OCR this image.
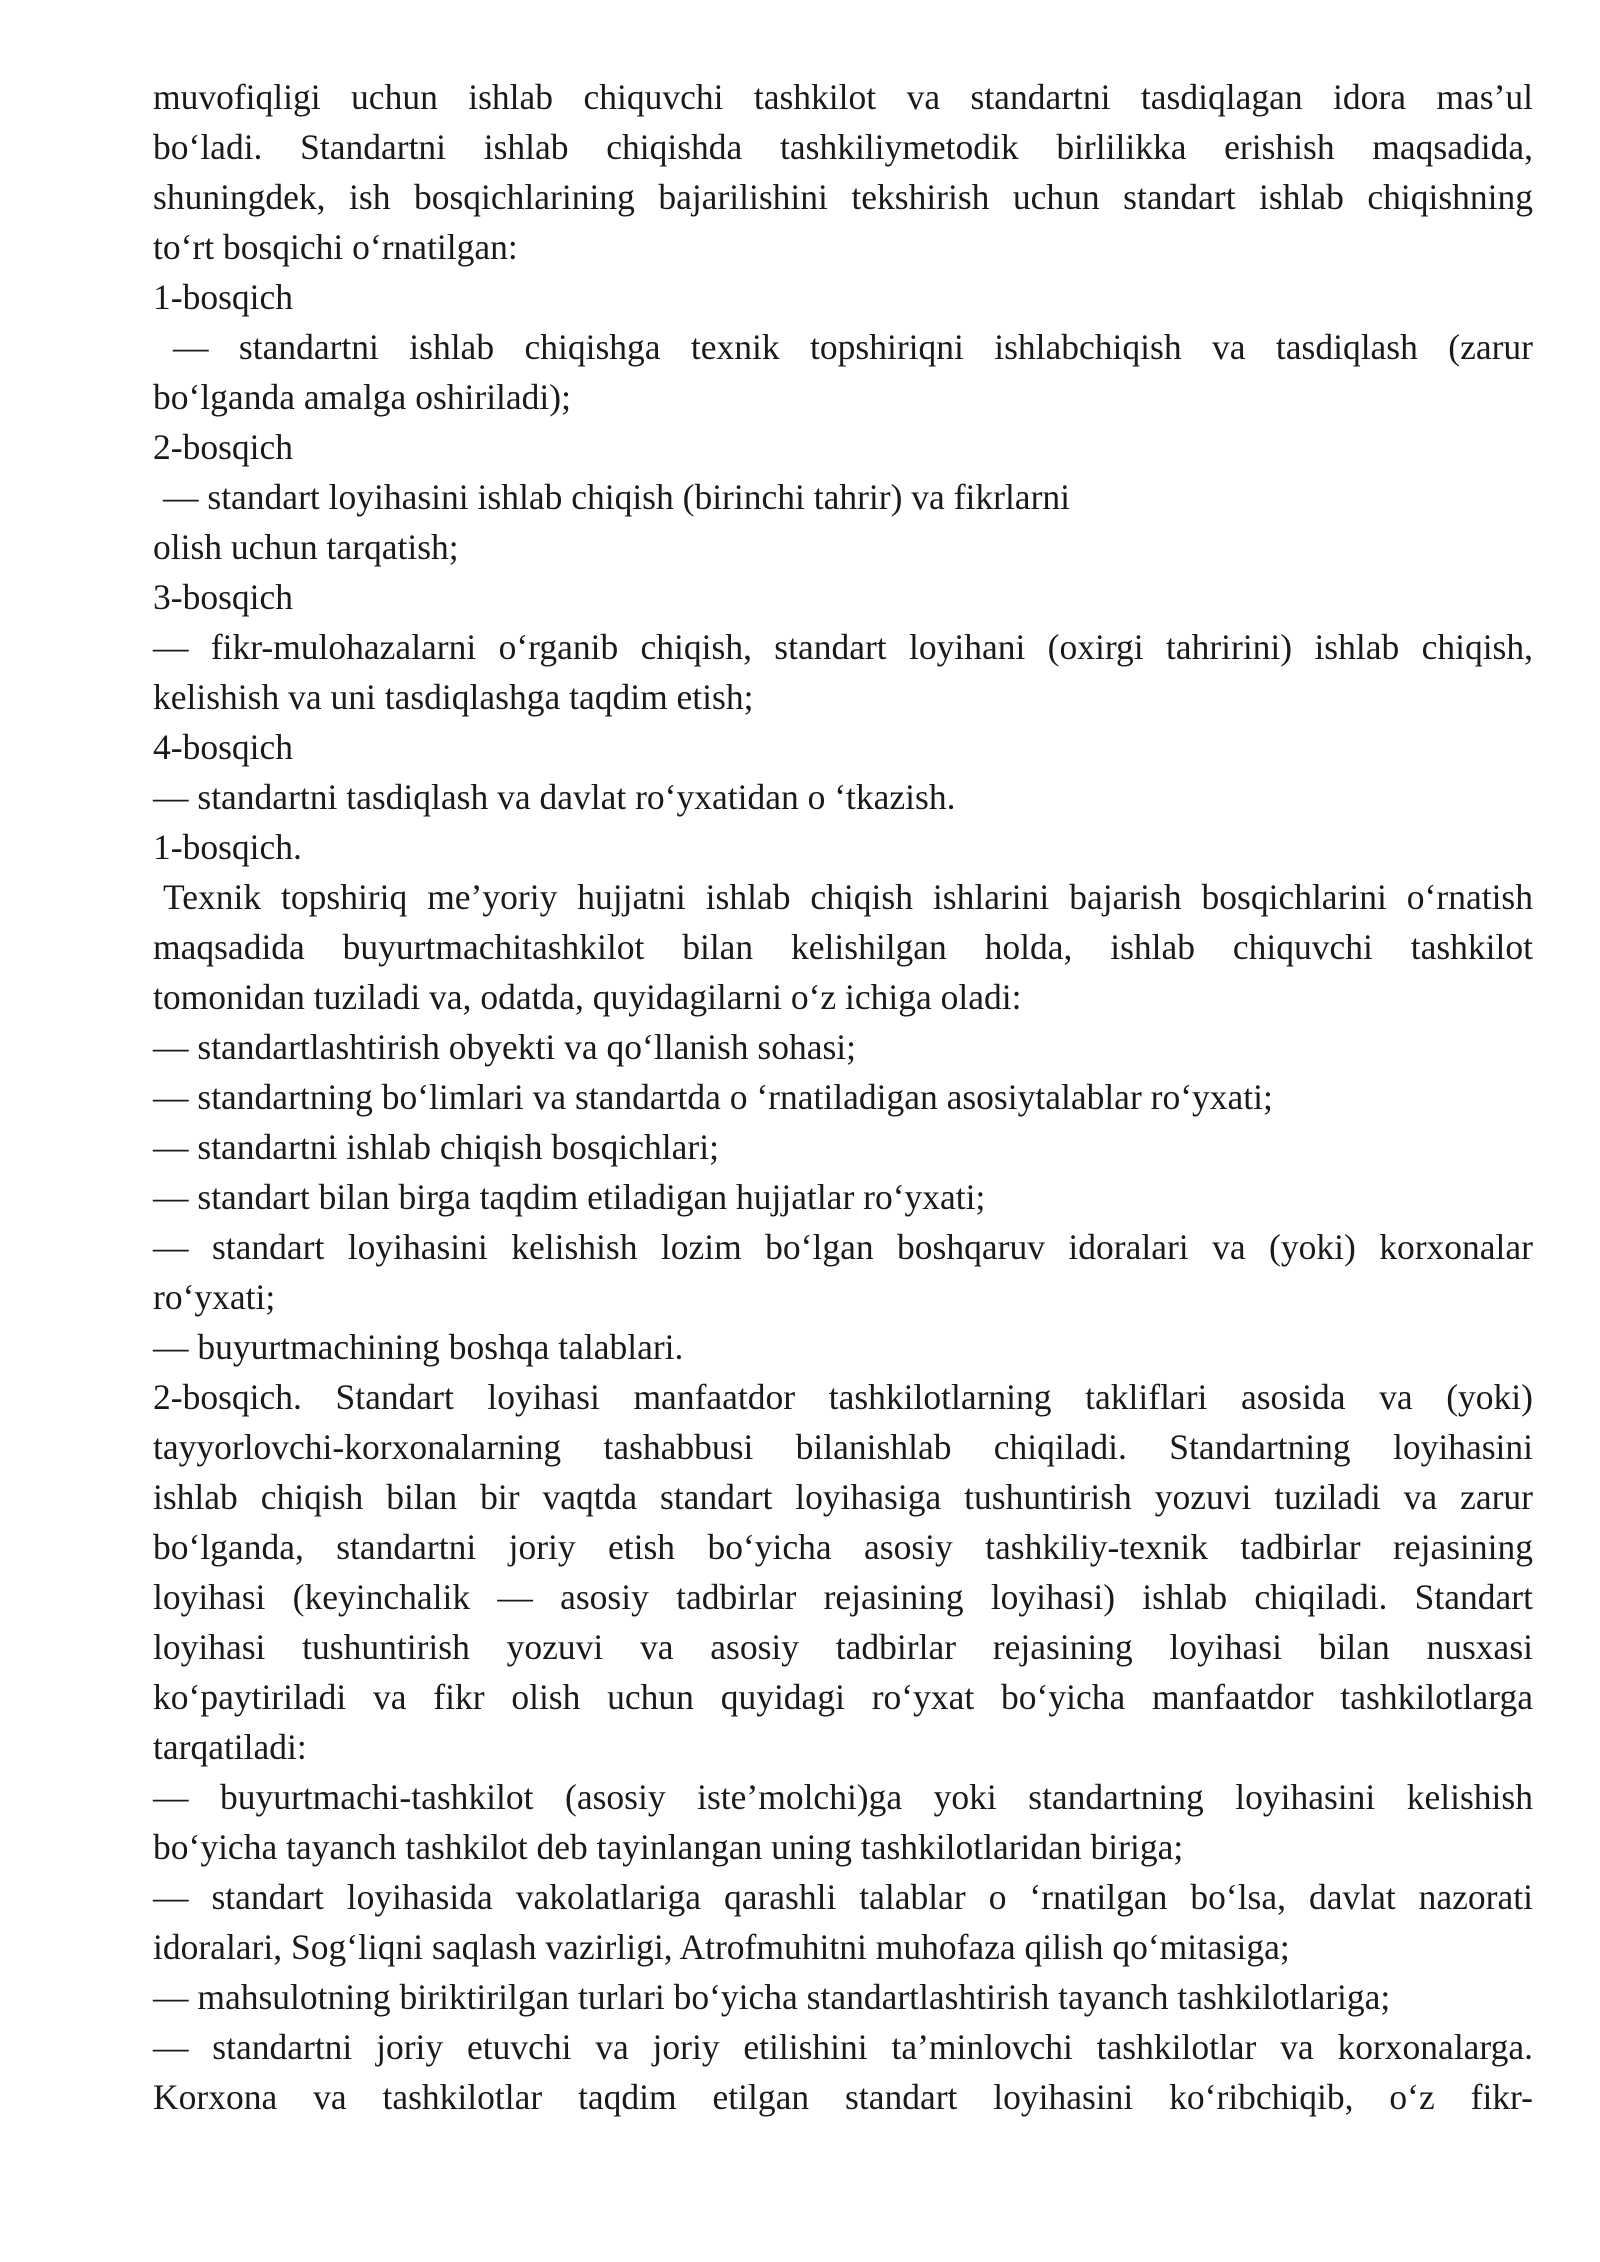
muvofiqligi uchun ishlab chiquvchi tashkilot va standartni tasdiqlagan idora mas’ul
boʻladi. Standartni ishlab chiqishda tashkiliymetodik birlilikka erishish maqsadida,
shuningdek, ish bosqichlarining bajarilishini tekshirish uchun standart ishlab chiqishning
toʻrt bosqichi oʻrnatilgan:
1-bosqich
— standartni ishlab chiqishga texnik topshiriqni ishlabchiqish va tasdiqlash (zarur
boʻlganda amalga oshiriladi);
2-bosqich
— standart loyihasini ishlab chiqish (birinchi tahrir) va fikrlarni
olish uchun tarqatish;
3-bosqich
— fikr-mulohazalarni oʻrganib chiqish, standart loyihani (oxirgi tahririni) ishlab chiqish,
kelishish va uni tasdiqlashga taqdim etish;
4-bosqich
— standartni tasdiqlash va davlat roʻyxatidan o ‘tkazish.
1-bosqich.
Texnik topshiriq me’yoriy hujjatni ishlab chiqish ishlarini bajarish bosqichlarini oʻrnatish
maqsadida buyurtmachitashkilot bilan kelishilgan holda, ishlab chiquvchi tashkilot
tomonidan tuziladi va, odatda, quyidagilarni oʻz ichiga oladi:
— standartlashtirish obyekti va qoʻllanish sohasi;
— standartning boʻlimlari va standartda o ‘rnatiladigan asosiytalablar roʻyxati;
— standartni ishlab chiqish bosqichlari;
— standart bilan birga taqdim etiladigan hujjatlar roʻyxati;
— standart loyihasini kelishish lozim boʻlgan boshqaruv idoralari va (yoki) korxonalar
roʻyxati;
— buyurtmachining boshqa talablari.
2-bosqich. Standart loyihasi manfaatdor tashkilotlarning takliflari asosida va (yoki)
tayyorlovchi-korxonalarning tashabbusi bilanishlab chiqiladi. Standartning loyihasini
ishlab chiqish bilan bir vaqtda standart loyihasiga tushuntirish yozuvi tuziladi va zarur
boʻlganda, standartni joriy etish boʻyicha asosiy tashkiliy-texnik tadbirlar rejasining
loyihasi (keyinchalik — asosiy tadbirlar rejasining loyihasi) ishlab chiqiladi. Standart
loyihasi tushuntirish yozuvi va asosiy tadbirlar rejasining loyihasi bilan nusxasi
koʻpaytiriladi va fikr olish uchun quyidagi roʻyxat boʻyicha manfaatdor tashkilotlarga
tarqatiladi:
— buyurtmachi-tashkilot (asosiy iste’molchi)ga yoki standartning loyihasini kelishish
boʻyicha tayanch tashkilot deb tayinlangan uning tashkilotlaridan biriga;
— standart loyihasida vakolatlariga qarashli talablar o ‘rnatilgan boʻlsa, davlat nazorati
idoralari, Sogʻliqni saqlash vazirligi, Atrofmuhitni muhofaza qilish qoʻmitasiga;
— mahsulotning biriktirilgan turlari boʻyicha standartlashtirish tayanch tashkilotlariga;
— standartni joriy etuvchi va joriy etilishini ta’minlovchi tashkilotlar va korxonalarga.
Korxona va tashkilotlar taqdim etilgan standart loyihasini koʻribchiqib, oʻz fikr-
